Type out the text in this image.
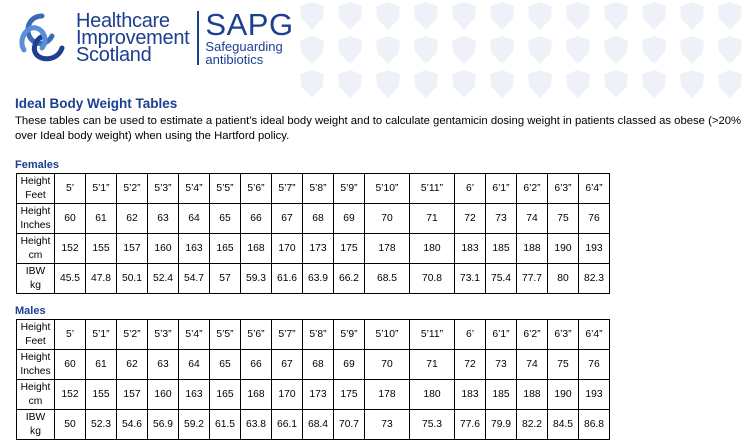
Healthcare
Improvement
Scotland
SAPG
Safeguarding
antibiotics
Ideal Body Weight Tables
These tables can be used to estimate a patient’s ideal body weight and to calculate gentamicin dosing weight in patients classed as obese (>20% over Ideal body weight) when using the Hartford policy.
Females
Height
Feet	5’	5’1”	5’2”	5’3”	5’4”	5’5”	5’6”	5’7”	5’8”	5’9”	5’10”	5’11”	6’	6’1”	6’2”	6’3”	6’4”
Height
Inches	60	61	62	63	64	65	66	67	68	69	70	71	72	73	74	75	76
Height
cm	152	155	157	160	163	165	168	170	173	175	178	180	183	185	188	190	193
IBW
kg	45.5	47.8	50.1	52.4	54.7	57	59.3	61.6	63.9	66.2	68.5	70.8	73.1	75.4	77.7	80	82.3
Males
Height
Feet	5’	5’1”	5’2”	5’3”	5’4”	5’5”	5’6”	5’7”	5’8”	5’9”	5’10”	5’11”	6’	6’1”	6’2”	6’3”	6’4”
Height
Inches	60	61	62	63	64	65	66	67	68	69	70	71	72	73	74	75	76
Height
cm	152	155	157	160	163	165	168	170	173	175	178	180	183	185	188	190	193
IBW
kg	50	52.3	54.6	56.9	59.2	61.5	63.8	66.1	68.4	70.7	73	75.3	77.6	79.9	82.2	84.5	86.8
